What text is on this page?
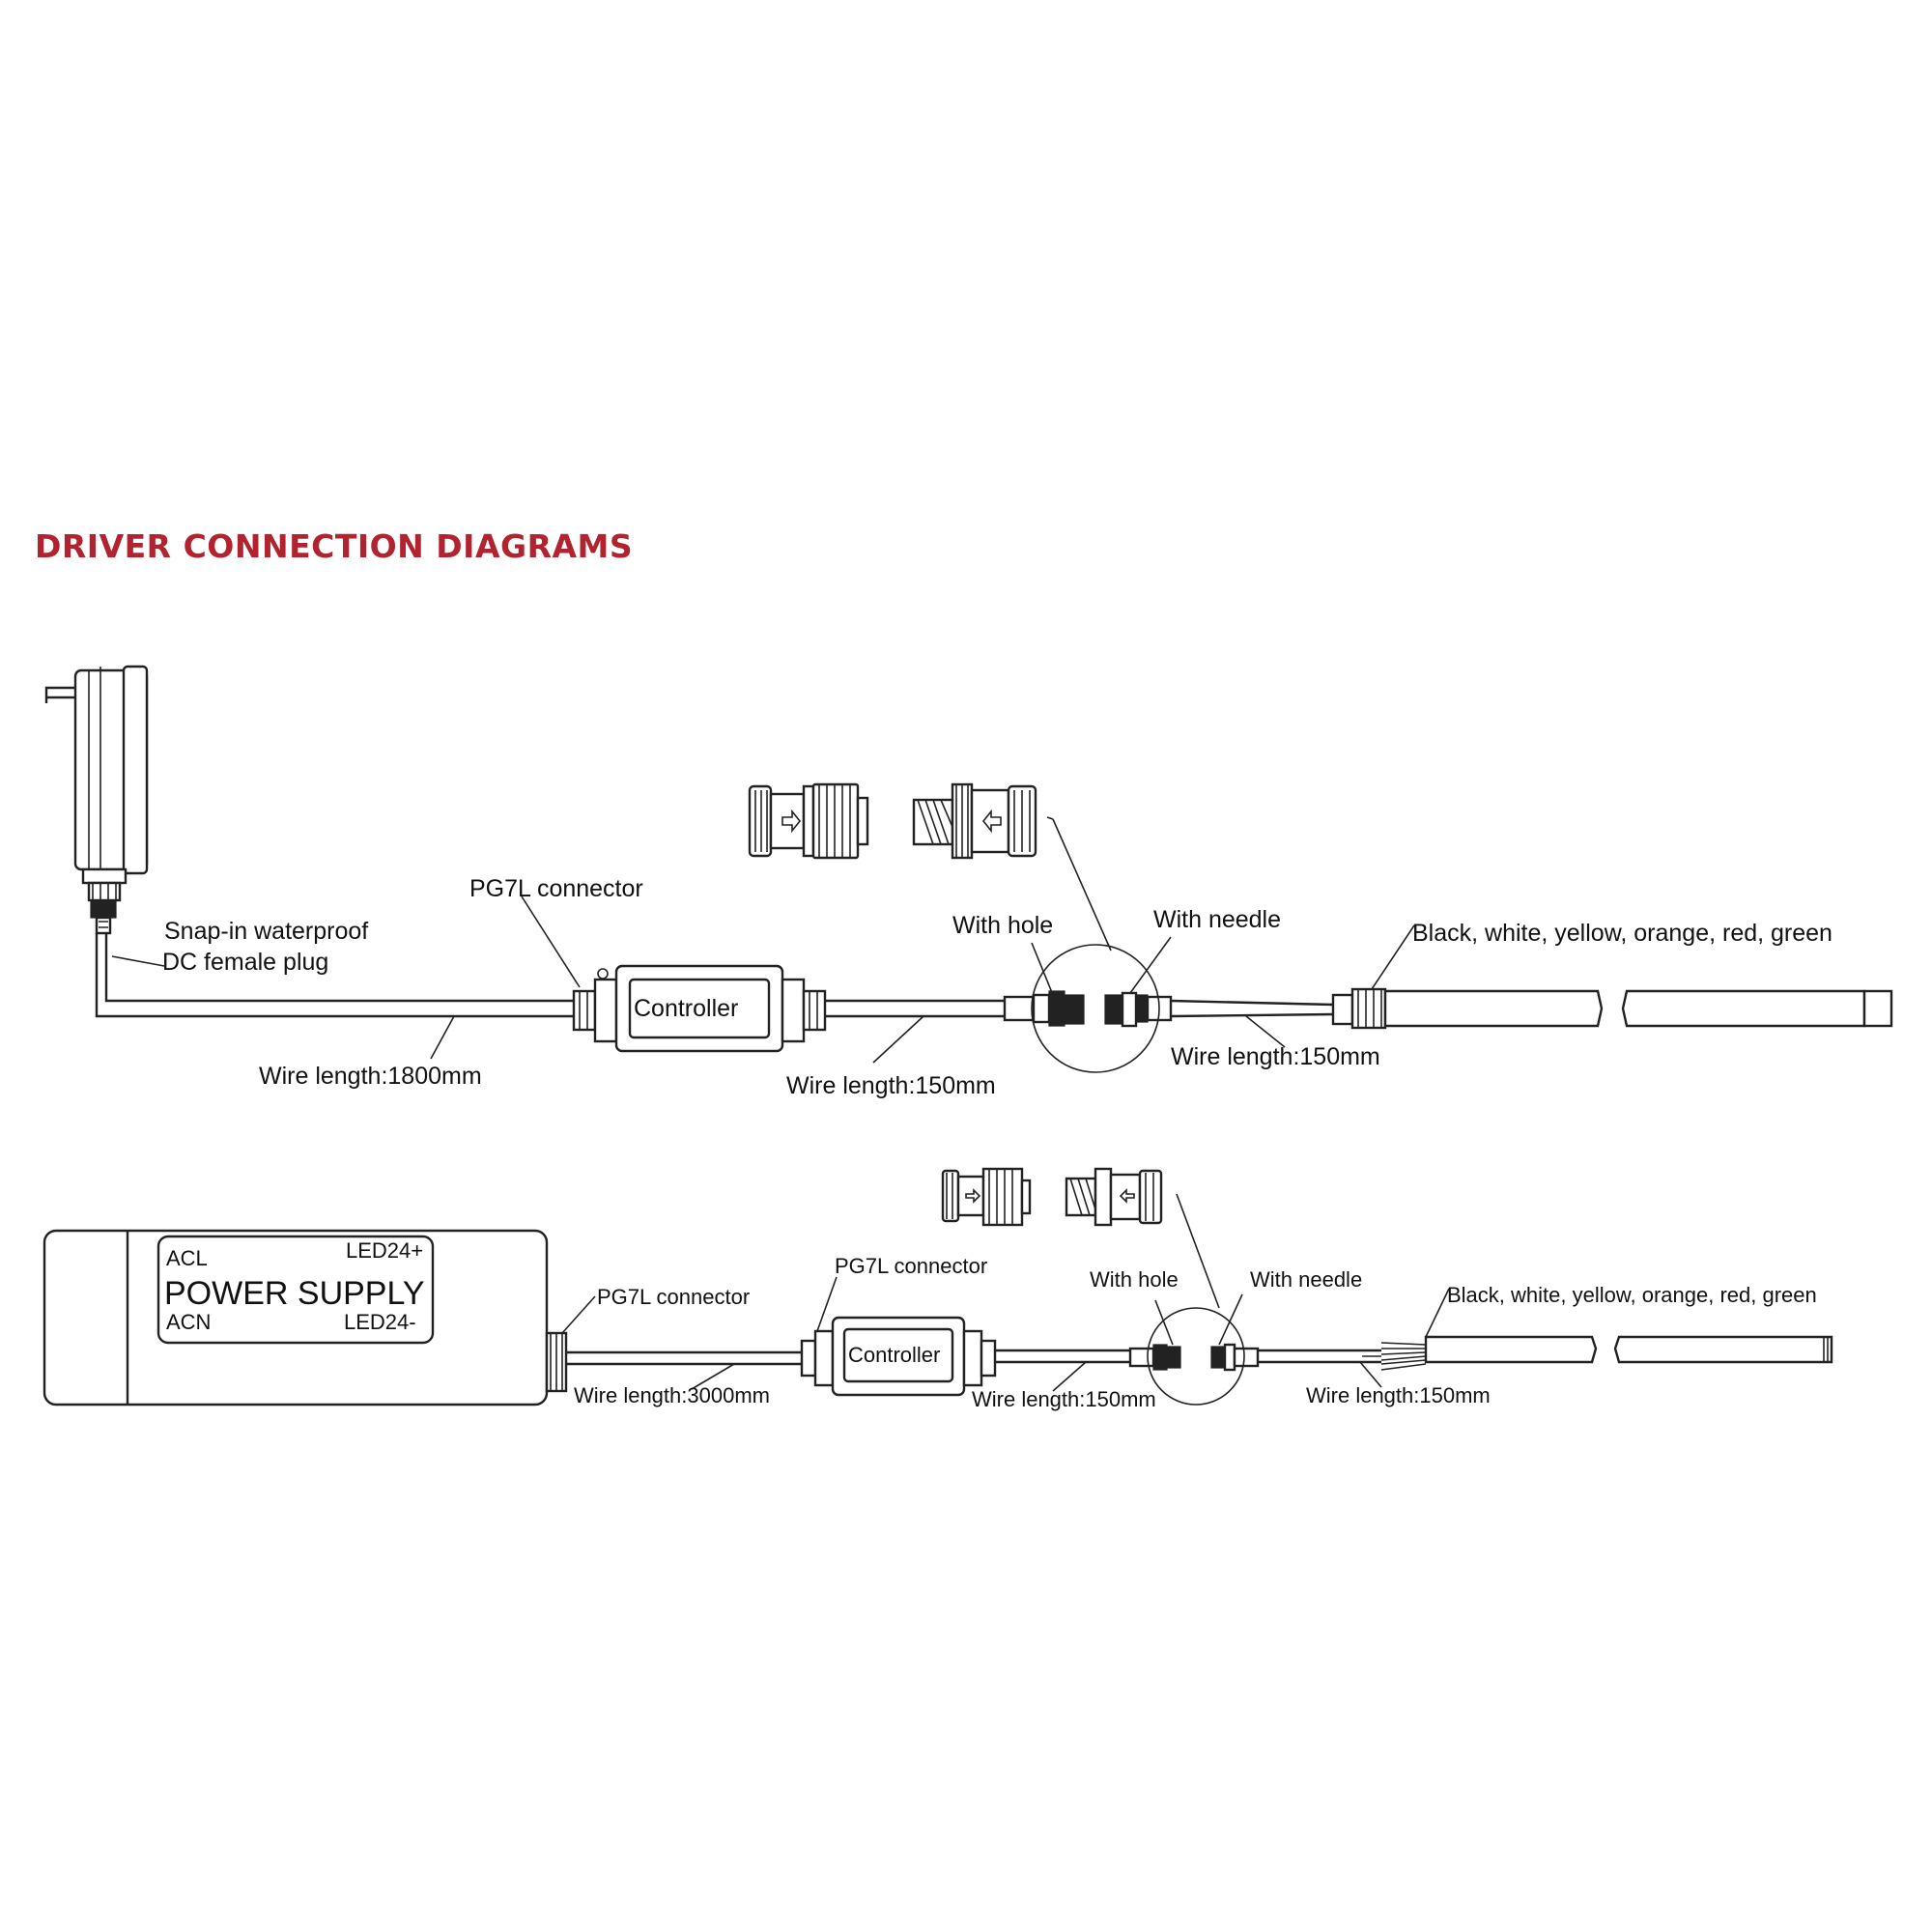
DRIVER CONNECTION DIAGRAMS
Snap-in waterproof
DC female plug
Wire length:1800mm
Controller
PG7L connector
Wire length:150mm
With hole	With needle
Wire length:150mm
Black, white, yellow, orange, red, green
ACL	LED24+
POWER SUPPLY
ACN	LED24-
PG7L connector
Wire length:3000mm
Controller
PG7L connector
Wire length:150mm
With hole	With needle
Wire length:150mm
Black, white, yellow, orange, red, green
